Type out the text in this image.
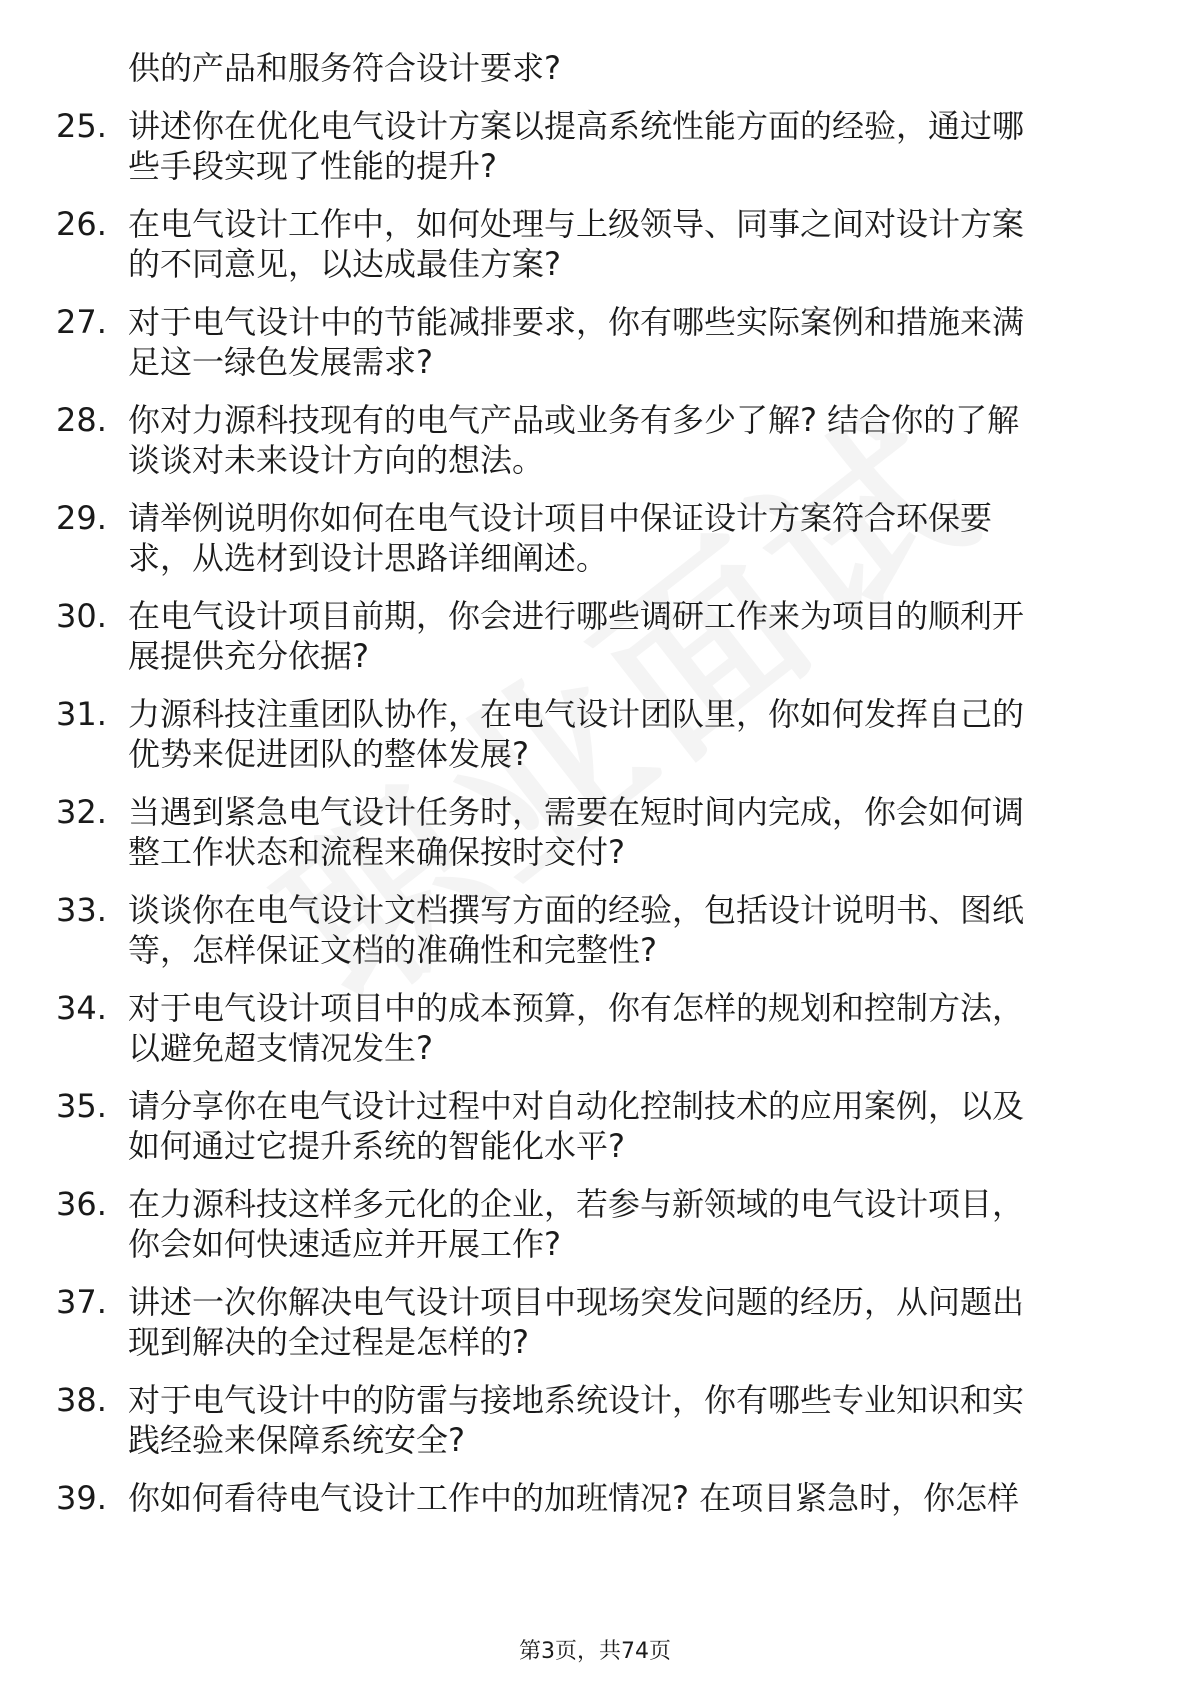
供的产品和服务符合设计要求?
25. 讲述你在优化电气设计方案以提高系统性能方面的经验，通过哪
些手段实现了性能的提升?
26. 在电气设计工作中，如何处理与上级领导、同事之间对设计方案
的不同意见，以达成最佳方案?
27. 对于电气设计中的节能减排要求，你有哪些实际案例和措施来满
足这一绿色发展需求?
28. 你对力源科技现有的电气产品或业务有多少了解? 结合你的了解
谈谈对未来设计方向的想法。
29. 请举例说明你如何在电气设计项目中保证设计方案符合环保要
求，从选材到设计思路详细阐述。
30. 在电气设计项目前期，你会进行哪些调研工作来为项目的顺利开
展提供充分依据?
31. 力源科技注重团队协作，在电气设计团队里，你如何发挥自己的
优势来促进团队的整体发展?
32. 当遇到紧急电气设计任务时，需要在短时间内完成，你会如何调
整工作状态和流程来确保按时交付?
33. 谈谈你在电气设计文档撰写方面的经验，包括设计说明书、图纸
等，怎样保证文档的准确性和完整性?
34. 对于电气设计项目中的成本预算，你有怎样的规划和控制方法，
以避免超支情况发生?
35. 请分享你在电气设计过程中对自动化控制技术的应用案例，以及
如何通过它提升系统的智能化水平?
36. 在力源科技这样多元化的企业，若参与新领域的电气设计项目，
你会如何快速适应并开展工作?
37. 讲述一次你解决电气设计项目中现场突发问题的经历，从问题出
现到解决的全过程是怎样的?
38. 对于电气设计中的防雷与接地系统设计，你有哪些专业知识和实
践经验来保障系统安全?
39. 你如何看待电气设计工作中的加班情况? 在项目紧急时，你怎样
第3页，共74页
